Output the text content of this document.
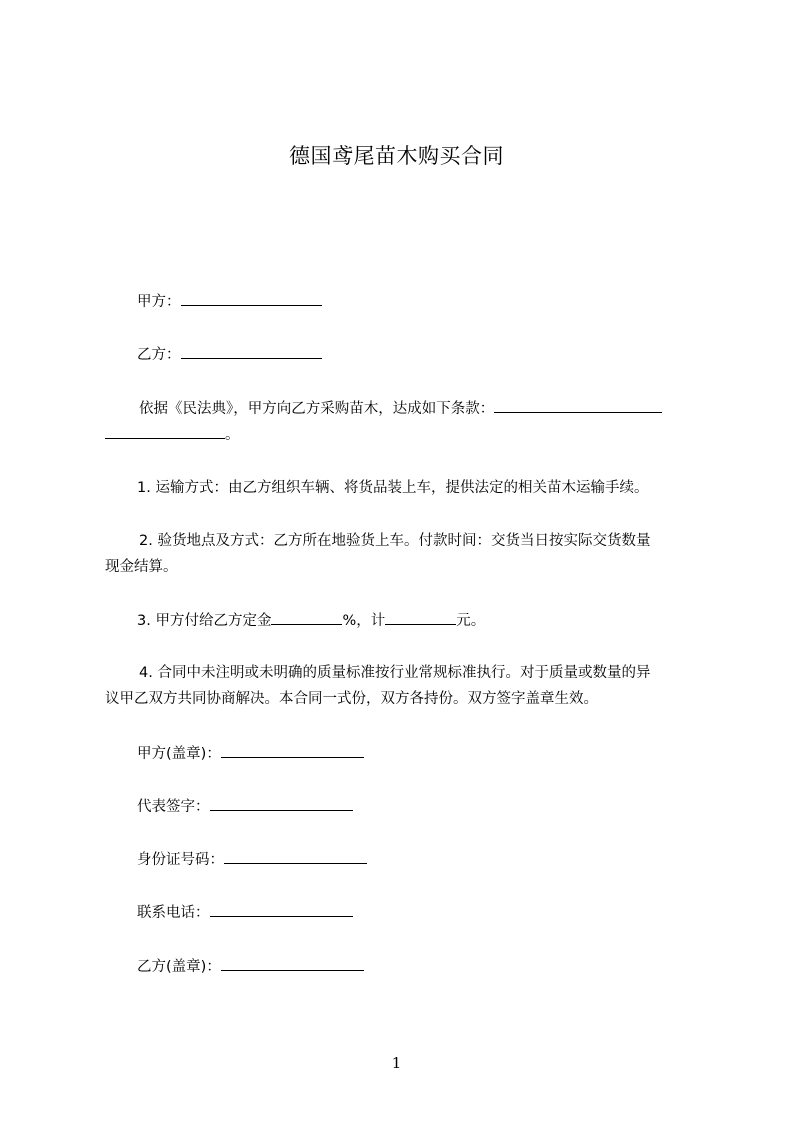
德国鸢尾苗木购买合同
甲方：
乙方：
依据《民法典》，甲方向乙方采购苗木，达成如下条款：
。
1. 运输方式：由乙方组织车辆、将货品装上车，提供法定的相关苗木运输手续。
2. 验货地点及方式：乙方所在地验货上车。付款时间：交货当日按实际交货数量
现金结算。
3. 甲方付给乙方定金	%，计	元。
4. 合同中未注明或未明确的质量标准按行业常规标准执行。对于质量或数量的异
议甲乙双方共同协商解决。本合同一式份，双方各持份。双方签字盖章生效。
甲方(盖章)：
代表签字：
身份证号码：
联系电话：
乙方(盖章)：
1
